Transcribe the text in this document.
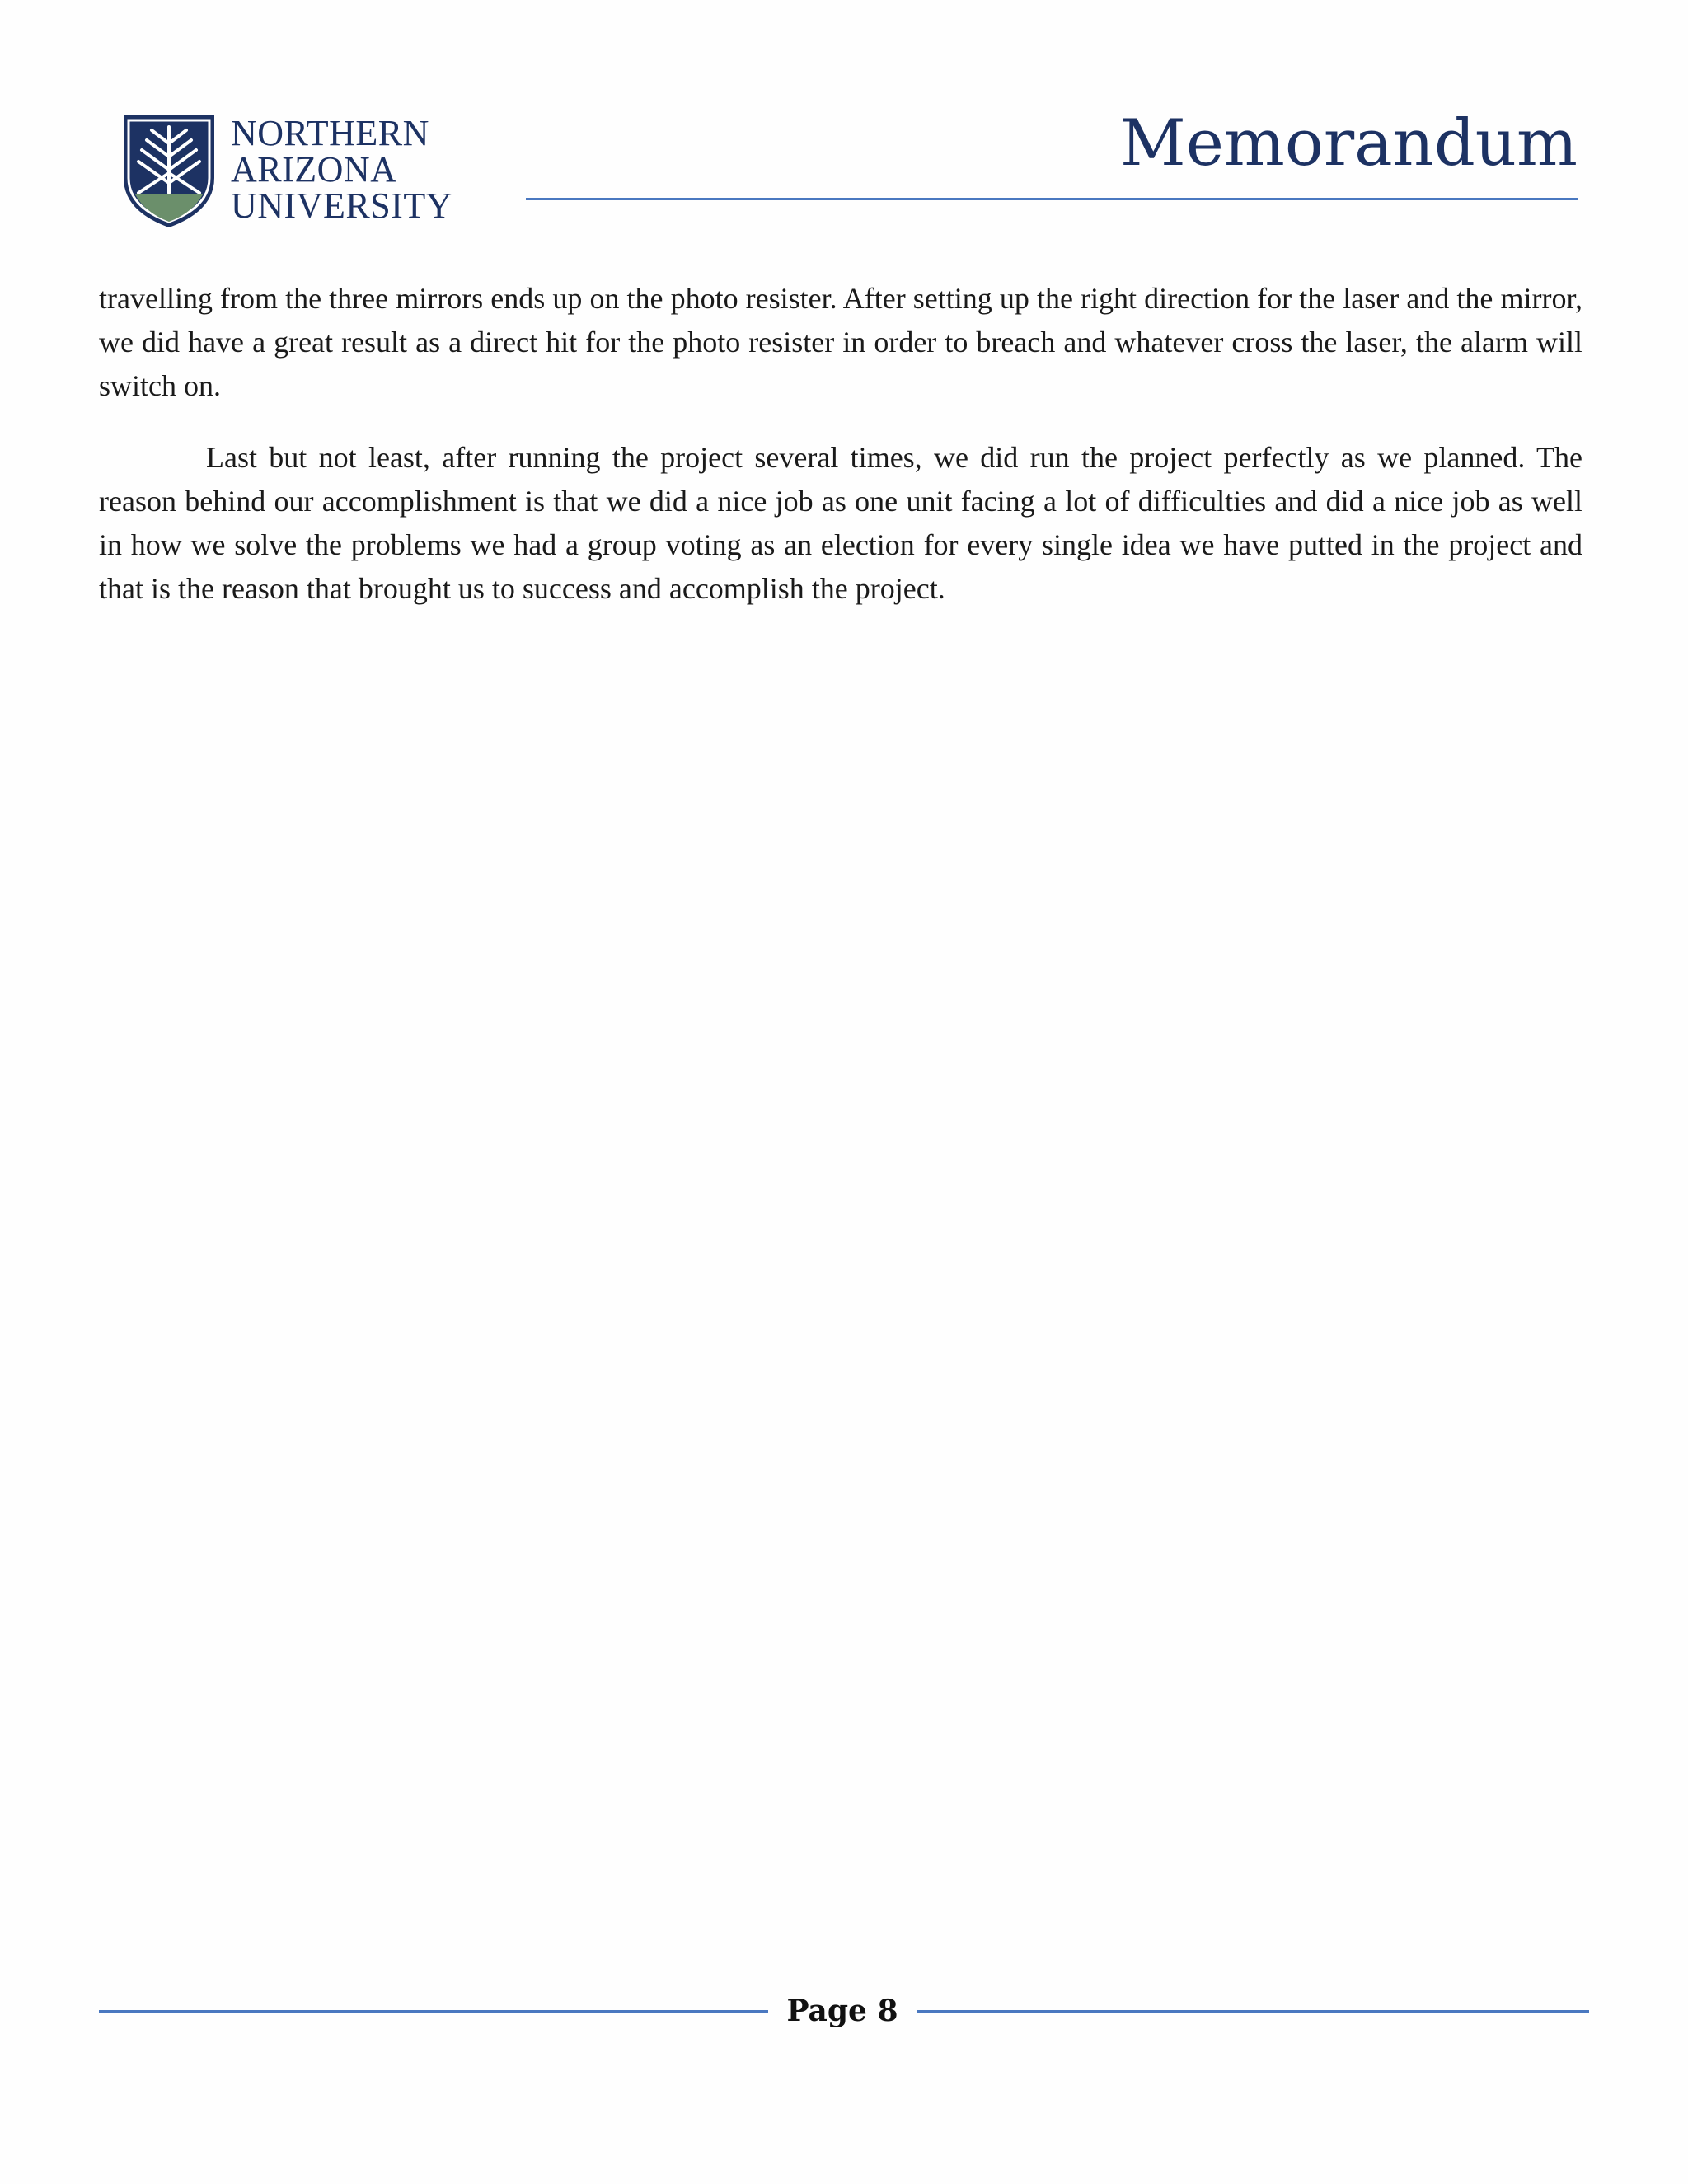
NORTHERN
ARIZONA
UNIVERSITY
Memorandum

travelling from the three mirrors ends up on the photo resister. After setting up the right direction for the laser and the mirror, we did have a great result as a direct hit for the photo resister in order to breach and whatever cross the laser, the alarm will switch on.

Last but not least, after running the project several times, we did run the project perfectly as we planned. The reason behind our accomplishment is that we did a nice job as one unit facing a lot of difficulties and did a nice job as well in how we solve the problems we had a group voting as an election for every single idea we have putted in the project and that is the reason that brought us to success and accomplish the project.

Page 8
